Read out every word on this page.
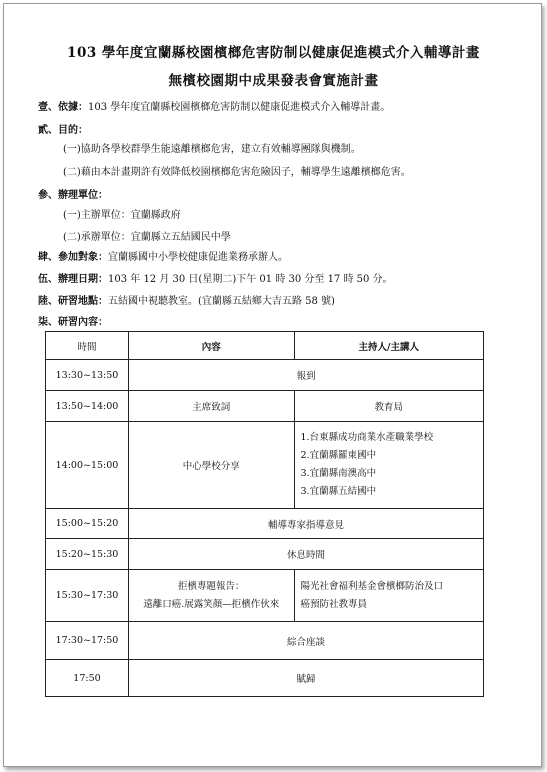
103 學年度宜蘭縣校園檳榔危害防制以健康促進模式介入輔導計畫
無檳校園期中成果發表會實施計畫
壹、依據：103 學年度宜蘭縣校園檳榔危害防制以健康促進模式介入輔導計畫。
貳、目的：
(一)協助各學校群學生能遠離檳榔危害，建立有效輔導團隊與機制。
(二)藉由本計畫期許有效降低校園檳榔危害危險因子，輔導學生遠離檳榔危害。
參、辦理單位：
(一)主辦單位：宜蘭縣政府
(二)承辦單位：宜蘭縣立五結國民中學
肆、參加對象：宜蘭縣國中小學校健康促進業務承辦人。
伍、辦理日期：103 年 12 月 30 日(星期二)下午 01 時 30 分至 17 時 50 分。
陸、研習地點：五結國中視聽教室。(宜蘭縣五結鄉大吉五路 58 號)
柒、研習內容：
時間	內容	主持人/主講人
13:30~13:50	報到	
13:50~14:00	主席致詞	教育局
14:00~15:00	中心學校分享	1.台東縣成功商業水產職業學校
2.宜蘭縣羅東國中
3.宜蘭縣南澳高中
3.宜蘭縣五結國中

15:00~15:20	輔導專家指導意見	
15:20~15:30	休息時間	
15:30~17:30	拒檳專題報告：
遠離口癌.展露笑顏—拒檳作伙來	陽光社會福利基金會檳榔防治及口
癌預防社教專員

17:30~17:50	綜合座談	
17:50	賦歸	
